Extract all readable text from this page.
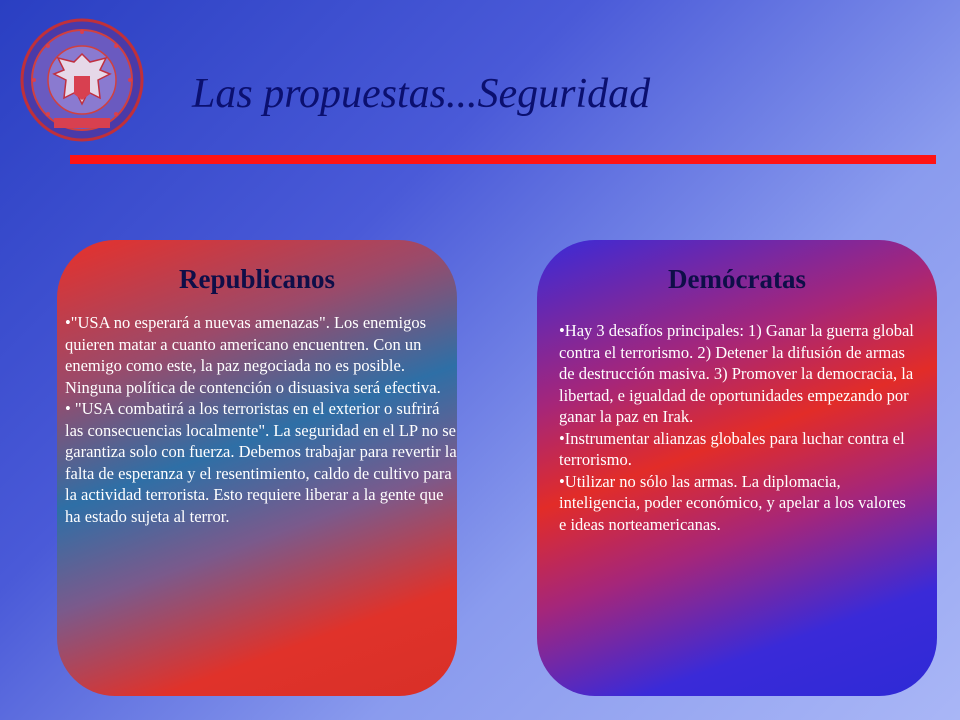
Las propuestas...Seguridad
Republicanos
•"USA no esperará a nuevas amenazas". Los enemigos quieren matar a cuanto americano encuentren. Con un enemigo como este, la paz negociada no es posible. Ninguna política de contención o disuasiva será efectiva.
• "USA combatirá a los terroristas en el exterior o sufrirá las consecuencias localmente". La seguridad en el LP no se garantiza solo con fuerza. Debemos trabajar para revertir la falta de esperanza y el resentimiento, caldo de cultivo para la actividad terrorista. Esto requiere liberar a la gente que ha estado sujeta al terror.
Demócratas
•Hay 3 desafíos principales: 1) Ganar la guerra global contra el terrorismo. 2) Detener la difusión de armas de destrucción masiva. 3) Promover la democracia, la libertad, e igualdad de oportunidades empezando por ganar la paz en Irak.
•Instrumentar alianzas globales para luchar contra el terrorismo.
•Utilizar no sólo las armas. La diplomacia, inteligencia, poder económico, y apelar a los valores e ideas norteamericanas.
